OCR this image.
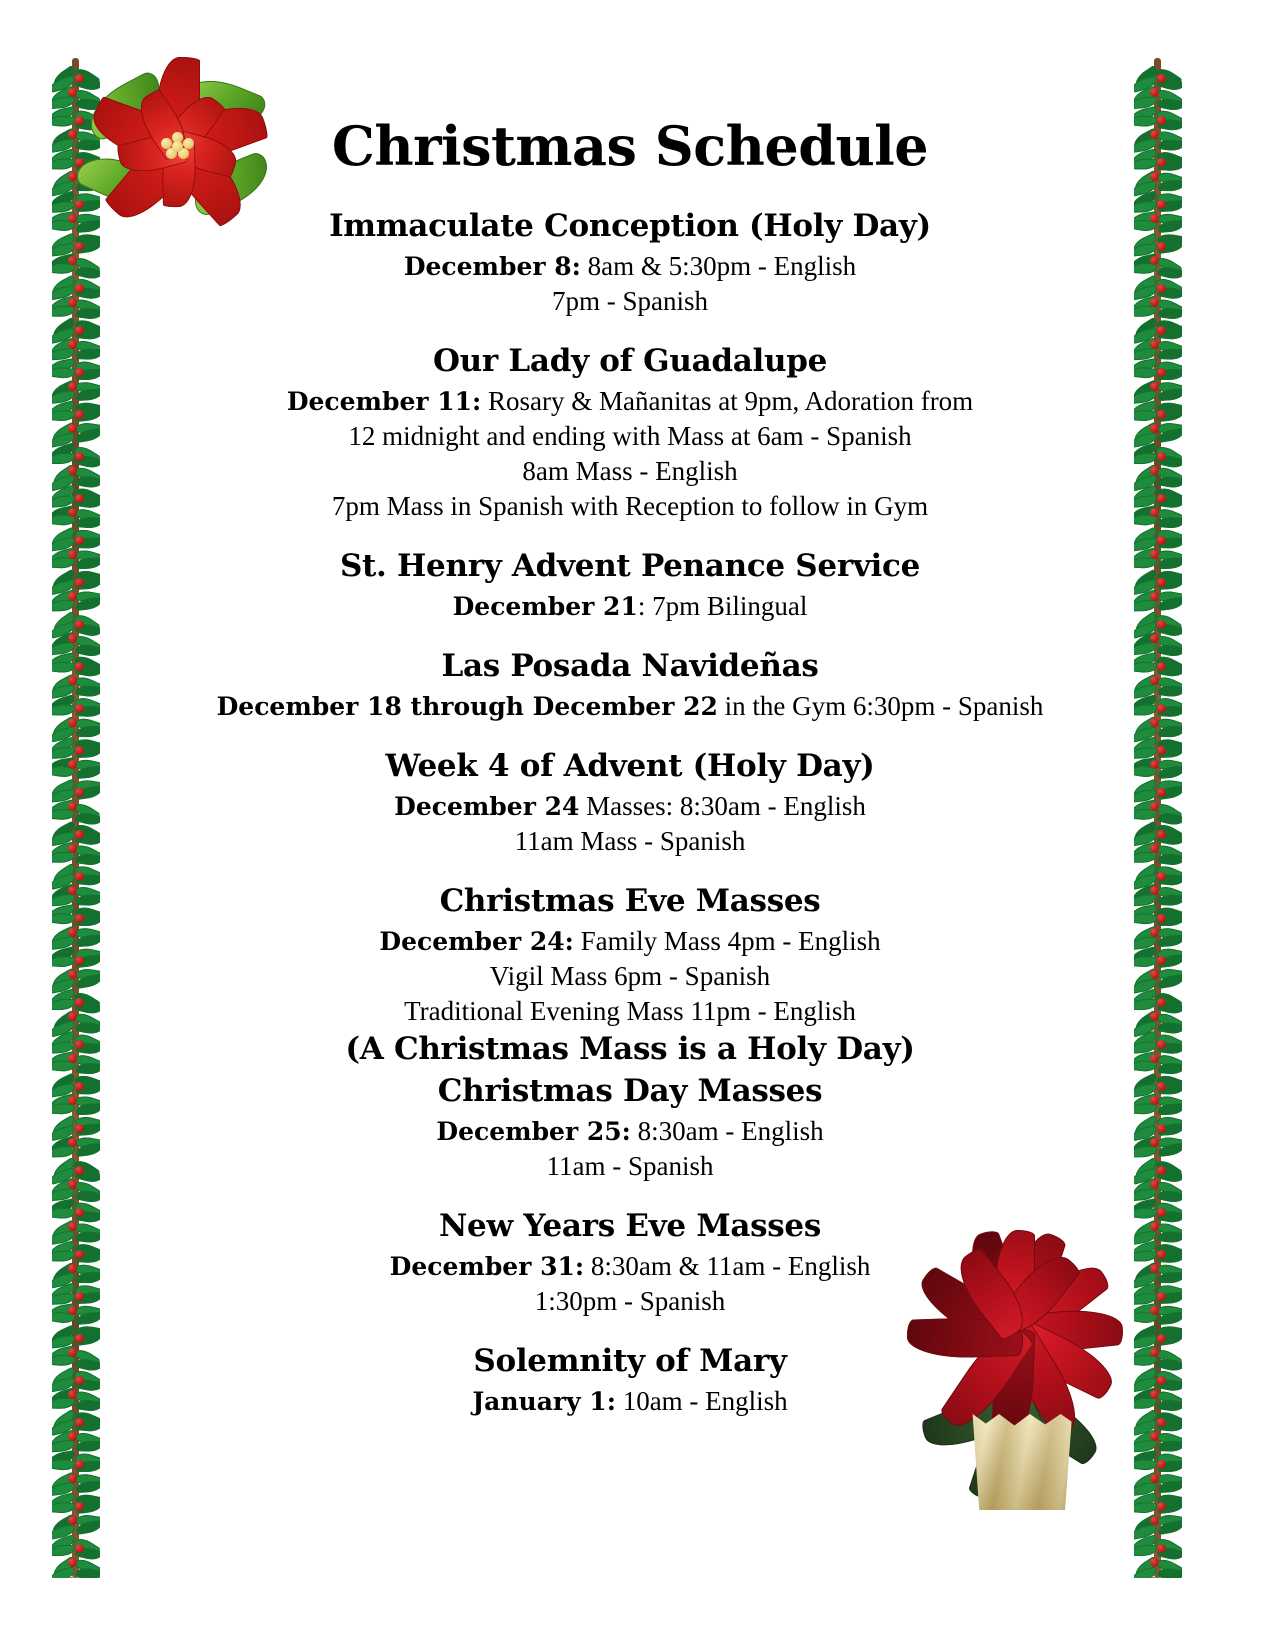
Christmas Schedule
Immaculate Conception (Holy Day)
December 8: 8am & 5:30pm - English
7pm - Spanish
Our Lady of Guadalupe
December 11: Rosary & Mañanitas at 9pm, Adoration from
12 midnight and ending with Mass at 6am - Spanish
8am Mass - English
7pm Mass in Spanish with Reception to follow in Gym
St. Henry Advent Penance Service
December 21: 7pm Bilingual
Las Posada Navideñas
December 18 through December 22 in the Gym 6:30pm - Spanish
Week 4 of Advent (Holy Day)
December 24 Masses: 8:30am - English
11am Mass - Spanish
Christmas Eve Masses
December 24: Family Mass 4pm - English
Vigil Mass 6pm - Spanish
Traditional Evening Mass 11pm - English
(A Christmas Mass is a Holy Day)
Christmas Day Masses
December 25: 8:30am - English
11am - Spanish
New Years Eve Masses
December 31: 8:30am & 11am - English
1:30pm - Spanish
Solemnity of Mary
January 1: 10am - English
